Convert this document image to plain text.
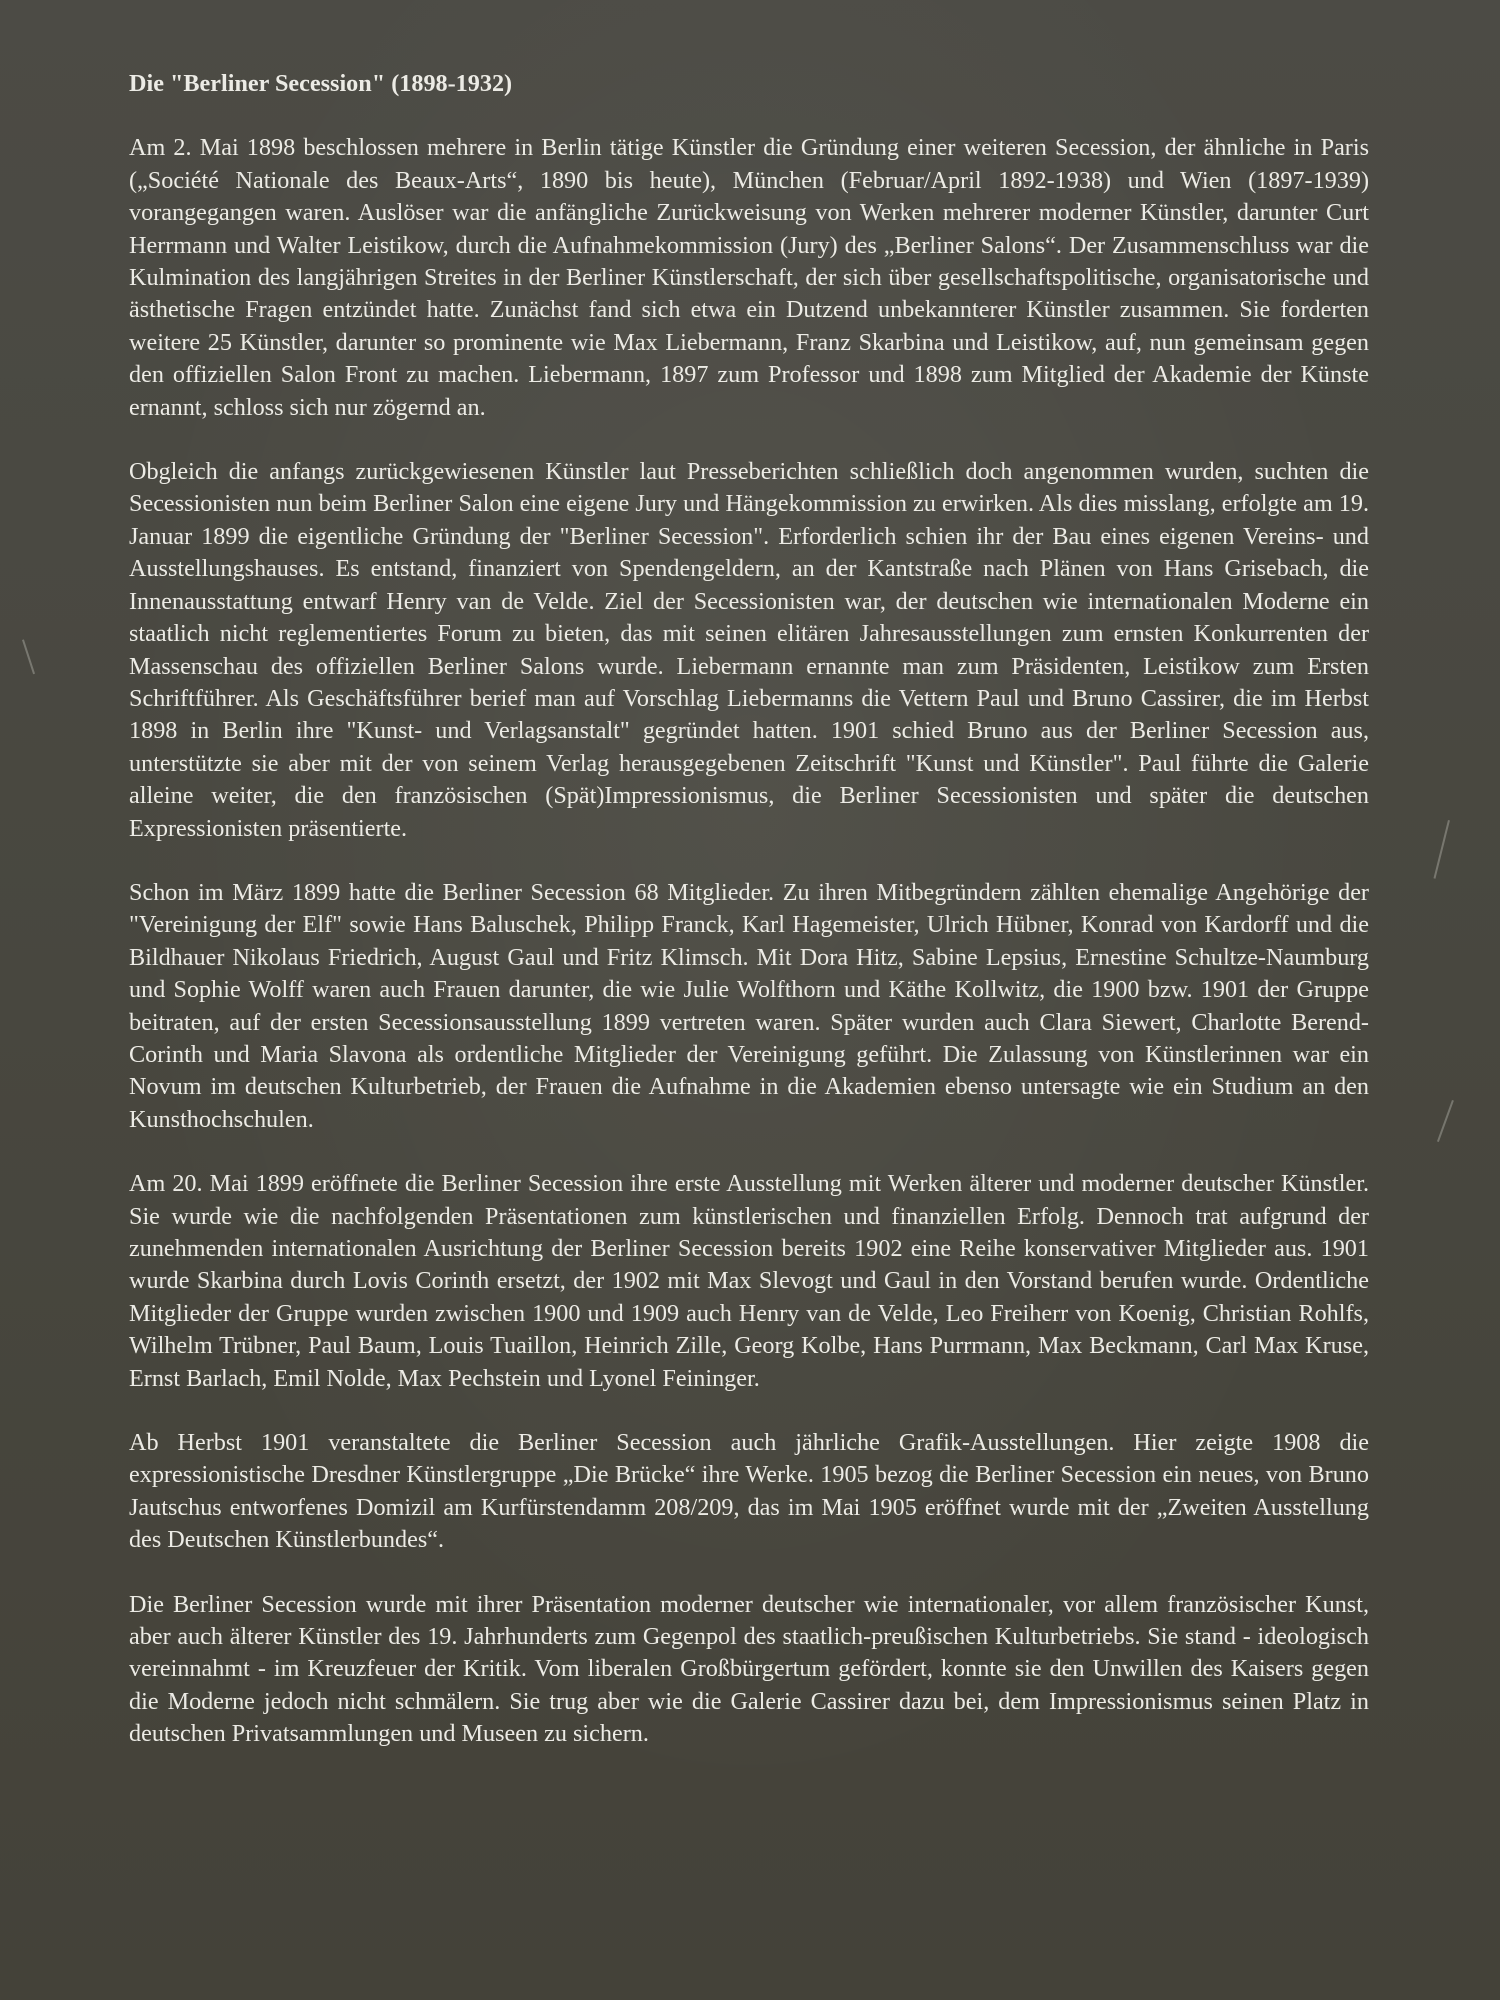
Die "Berliner Secession" (1898-1932)

Am 2. Mai 1898 beschlossen mehrere in Berlin tätige Künstler die Gründung einer weiteren Secession, der ähnliche in Paris („Société Nationale des Beaux-Arts“, 1890 bis heute), München (Februar/April 1892-1938) und Wien (1897-1939) vorangegangen waren. Auslöser war die anfängliche Zurückweisung von Werken mehrerer moderner Künstler, darunter Curt Herrmann und Walter Leistikow, durch die Aufnahmekommission (Jury) des „Berliner Salons“. Der Zusammenschluss war die Kulmination des langjährigen Streites in der Berliner Künstlerschaft, der sich über gesellschaftspolitische, organisatorische und ästhetische Fragen entzündet hatte. Zunächst fand sich etwa ein Dutzend unbekannterer Künstler zusammen. Sie forderten weitere 25 Künstler, darunter so prominente wie Max Liebermann, Franz Skarbina und Leistikow, auf, nun gemeinsam gegen den offiziellen Salon Front zu machen. Liebermann, 1897 zum Professor und 1898 zum Mitglied der Akademie der Künste ernannt, schloss sich nur zögernd an.

Obgleich die anfangs zurückgewiesenen Künstler laut Presseberichten schließlich doch angenommen wurden, suchten die Secessionisten nun beim Berliner Salon eine eigene Jury und Hängekommission zu erwirken. Als dies misslang, erfolgte am 19. Januar 1899 die eigentliche Gründung der "Berliner Secession". Erforderlich schien ihr der Bau eines eigenen Vereins- und Ausstellungshauses. Es entstand, finanziert von Spendengeldern, an der Kantstraße nach Plänen von Hans Grisebach, die Innenausstattung entwarf Henry van de Velde. Ziel der Secessionisten war, der deutschen wie internationalen Moderne ein staatlich nicht reglementiertes Forum zu bieten, das mit seinen elitären Jahresausstellungen zum ernsten Konkurrenten der Massenschau des offiziellen Berliner Salons wurde. Liebermann ernannte man zum Präsidenten, Leistikow zum Ersten Schriftführer. Als Geschäftsführer berief man auf Vorschlag Liebermanns die Vettern Paul und Bruno Cassirer, die im Herbst 1898 in Berlin ihre "Kunst- und Verlagsanstalt" gegründet hatten. 1901 schied Bruno aus der Berliner Secession aus, unterstützte sie aber mit der von seinem Verlag herausgegebenen Zeitschrift "Kunst und Künstler". Paul führte die Galerie alleine weiter, die den französischen (Spät)Impressionismus, die Berliner Secessionisten und später die deutschen Expressionisten präsentierte.

Schon im März 1899 hatte die Berliner Secession 68 Mitglieder. Zu ihren Mitbegründern zählten ehemalige Angehörige der "Vereinigung der Elf" sowie Hans Baluschek, Philipp Franck, Karl Hagemeister, Ulrich Hübner, Konrad von Kardorff und die Bildhauer Nikolaus Friedrich, August Gaul und Fritz Klimsch. Mit Dora Hitz, Sabine Lepsius, Ernestine Schultze-Naumburg und Sophie Wolff waren auch Frauen darunter, die wie Julie Wolfthorn und Käthe Kollwitz, die 1900 bzw. 1901 der Gruppe beitraten, auf der ersten Secessionsausstellung 1899 vertreten waren. Später wurden auch Clara Siewert, Charlotte Berend-Corinth und Maria Slavona als ordentliche Mitglieder der Vereinigung geführt. Die Zulassung von Künstlerinnen war ein Novum im deutschen Kulturbetrieb, der Frauen die Aufnahme in die Akademien ebenso untersagte wie ein Studium an den Kunsthochschulen.

Am 20. Mai 1899 eröffnete die Berliner Secession ihre erste Ausstellung mit Werken älterer und moderner deutscher Künstler. Sie wurde wie die nachfolgenden Präsentationen zum künstlerischen und finanziellen Erfolg. Dennoch trat aufgrund der zunehmenden internationalen Ausrichtung der Berliner Secession bereits 1902 eine Reihe konservativer Mitglieder aus. 1901 wurde Skarbina durch Lovis Corinth ersetzt, der 1902 mit Max Slevogt und Gaul in den Vorstand berufen wurde. Ordentliche Mitglieder der Gruppe wurden zwischen 1900 und 1909 auch Henry van de Velde, Leo Freiherr von Koenig, Christian Rohlfs, Wilhelm Trübner, Paul Baum, Louis Tuaillon, Heinrich Zille, Georg Kolbe, Hans Purrmann, Max Beckmann, Carl Max Kruse, Ernst Barlach, Emil Nolde, Max Pechstein und Lyonel Feininger.

Ab Herbst 1901 veranstaltete die Berliner Secession auch jährliche Grafik-Ausstellungen. Hier zeigte 1908 die expressionistische Dresdner Künstlergruppe „Die Brücke“ ihre Werke. 1905 bezog die Berliner Secession ein neues, von Bruno Jautschus entworfenes Domizil am Kurfürstendamm 208/209, das im Mai 1905 eröffnet wurde mit der „Zweiten Ausstellung des Deutschen Künstlerbundes“.

Die Berliner Secession wurde mit ihrer Präsentation moderner deutscher wie internationaler, vor allem französischer Kunst, aber auch älterer Künstler des 19. Jahrhunderts zum Gegenpol des staatlich-preußischen Kulturbetriebs. Sie stand - ideologisch vereinnahmt - im Kreuzfeuer der Kritik. Vom liberalen Großbürgertum gefördert, konnte sie den Unwillen des Kaisers gegen die Moderne jedoch nicht schmälern. Sie trug aber wie die Galerie Cassirer dazu bei, dem Impressionismus seinen Platz in deutschen Privatsammlungen und Museen zu sichern.
